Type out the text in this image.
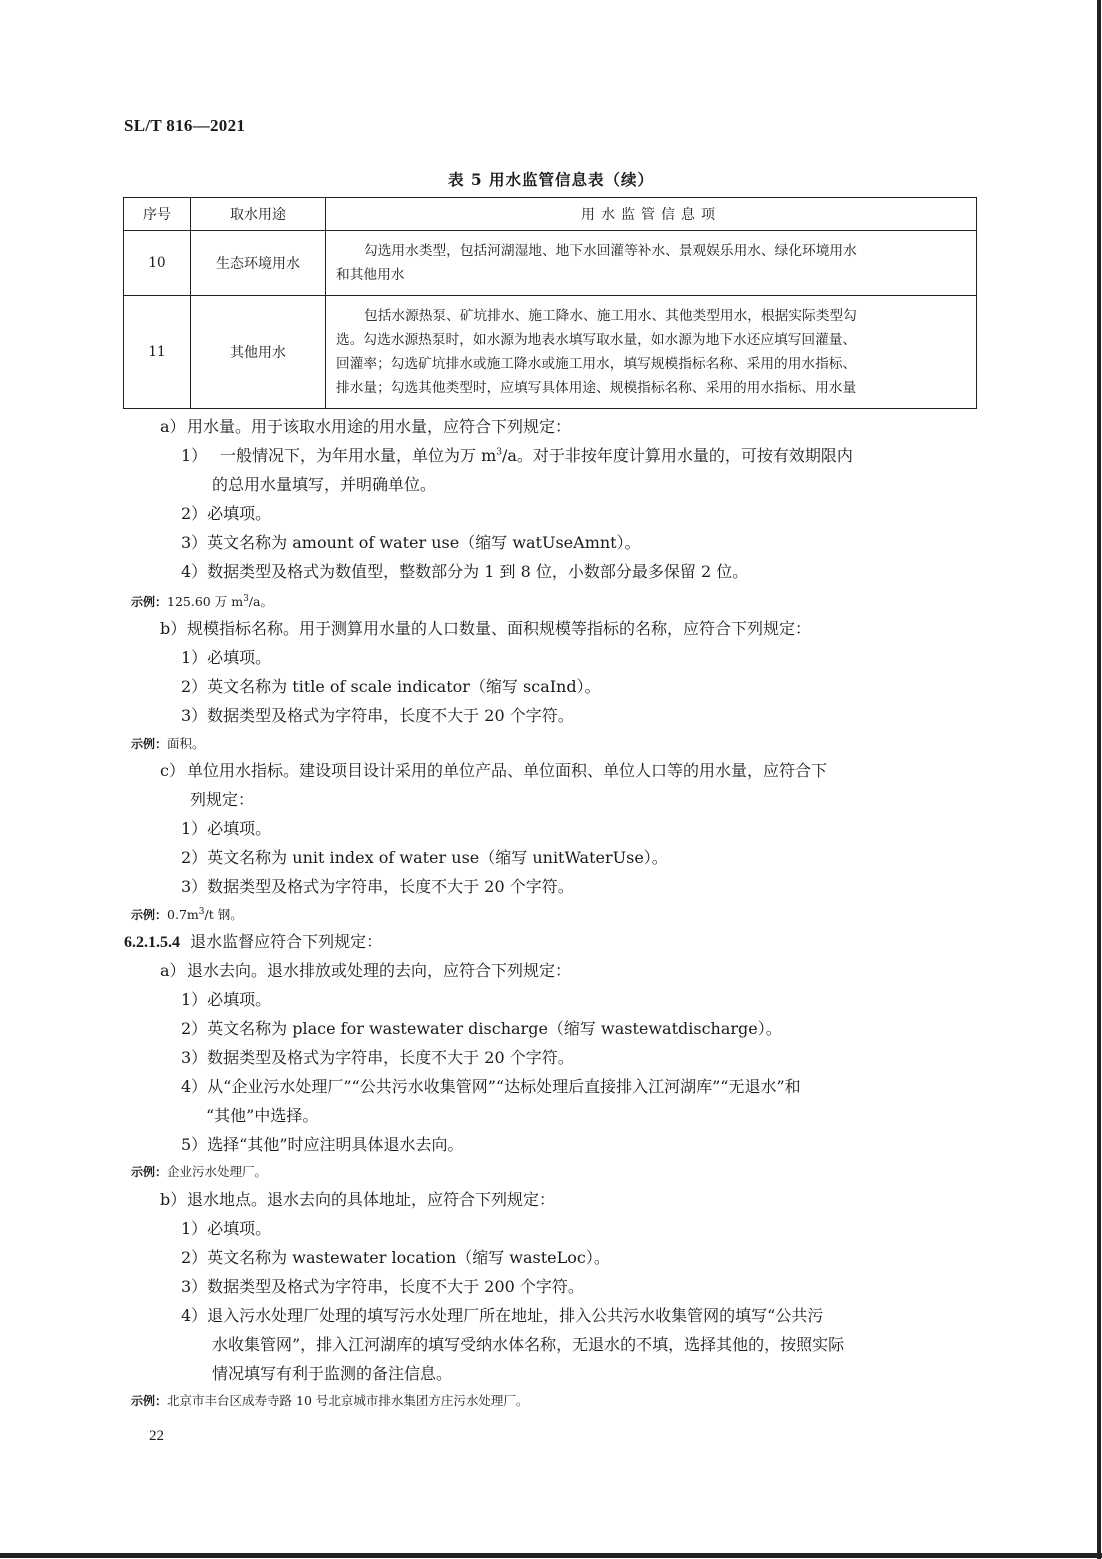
SL/T 816—2021
表 5 用水监管信息表（续）
序号	取水用途	用水监管信息项
10	生态环境用水	勾选用水类型，包括河湖湿地、地下水回灌等补水、景观娱乐用水、绿化环境用水
和其他用水
11	其他用水	包括水源热泵、矿坑排水、施工降水、施工用水、其他类型用水，根据实际类型勾
选。勾选水源热泵时，如水源为地表水填写取水量，如水源为地下水还应填写回灌量、
回灌率；勾选矿坑排水或施工降水或施工用水，填写规模指标名称、采用的用水指标、
排水量；勾选其他类型时，应填写具体用途、规模指标名称、采用的用水指标、用水量
a）用水量。用于该取水用途的用水量，应符合下列规定：
1） 一般情况下，为年用水量，单位为万 $m^3/a$。对于非按年度计算用水量的，可按有效期限内
的总用水量填写，并明确单位。
2）必填项。
3）英文名称为 amount of water use（缩写 watUseAmnt）。
4）数据类型及格式为数值型，整数部分为 1 到 8 位，小数部分最多保留 2 位。
示例：125.60 万 $m^3/a$。
b）规模指标名称。用于测算用水量的人口数量、面积规模等指标的名称，应符合下列规定：
1）必填项。
2）英文名称为 title of scale indicator（缩写 scaInd）。
3）数据类型及格式为字符串，长度不大于 20 个字符。
示例：面积。
c） 单位用水指标。建设项目设计采用的单位产品、单位面积、单位人口等的用水量，应符合下
列规定：
1）必填项。
2）英文名称为 unit index of water use（缩写 unitWaterUse）。
3）数据类型及格式为字符串，长度不大于 20 个字符。
示例：$0.7m^3/t$ 钢。
6.2.1.5.4 退水监督应符合下列规定：
a）退水去向。退水排放或处理的去向，应符合下列规定：
1）必填项。
2）英文名称为 place for wastewater discharge（缩写 wastewatdischarge）。
3）数据类型及格式为字符串，长度不大于 20 个字符。
4）从“企业污水处理厂”“公共污水收集管网”“达标处理后直接排入江河湖库”“无退水”和
“其他”中选择。
5）选择“其他”时应注明具体退水去向。
示例：企业污水处理厂。
b）退水地点。退水去向的具体地址，应符合下列规定：
1）必填项。
2）英文名称为 wastewater location（缩写 wasteLoc）。
3）数据类型及格式为字符串，长度不大于 200 个字符。
4）退入污水处理厂处理的填写污水处理厂所在地址，排入公共污水收集管网的填写“公共污
水收集管网”，排入江河湖库的填写受纳水体名称，无退水的不填，选择其他的，按照实际
情况填写有利于监测的备注信息。
示例：北京市丰台区成寿寺路 10 号北京城市排水集团方庄污水处理厂。
22
